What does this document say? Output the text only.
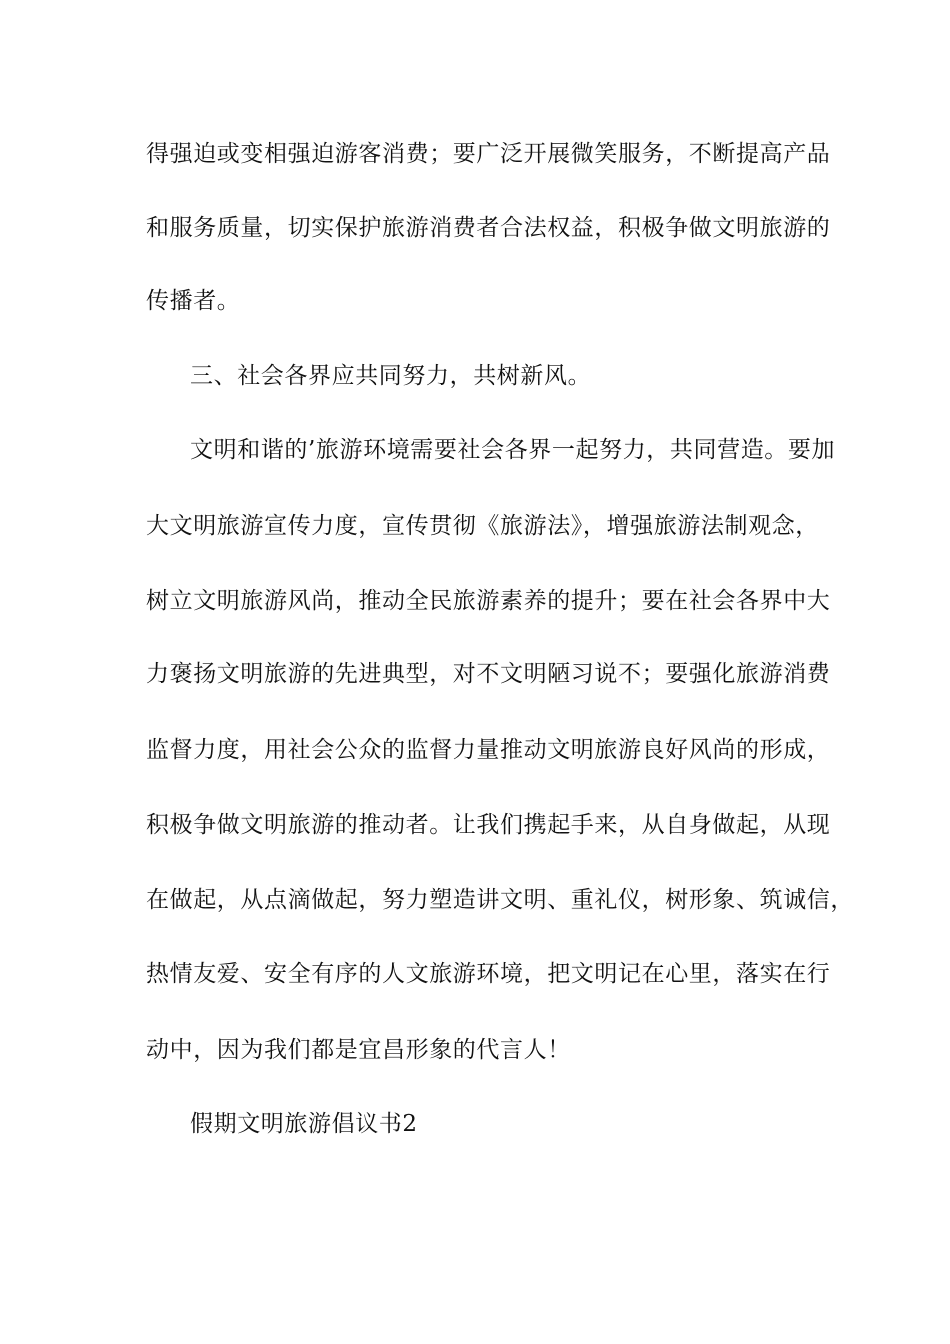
得强迫或变相强迫游客消费；要广泛开展微笑服务，不断提高产品
和服务质量，切实保护旅游消费者合法权益，积极争做文明旅游的
传播者。
三、社会各界应共同努力，共树新风。
文明和谐的’旅游环境需要社会各界一起努力，共同营造。要加
大文明旅游宣传力度，宣传贯彻《旅游法》，增强旅游法制观念，
树立文明旅游风尚，推动全民旅游素养的提升；要在社会各界中大
力褒扬文明旅游的先进典型，对不文明陋习说不；要强化旅游消费
监督力度，用社会公众的监督力量推动文明旅游良好风尚的形成，
积极争做文明旅游的推动者。让我们携起手来，从自身做起，从现
在做起，从点滴做起，努力塑造讲文明、重礼仪，树形象、筑诚信，
热情友爱、安全有序的人文旅游环境，把文明记在心里，落实在行
动中，因为我们都是宜昌形象的代言人！
假期文明旅游倡议书2
